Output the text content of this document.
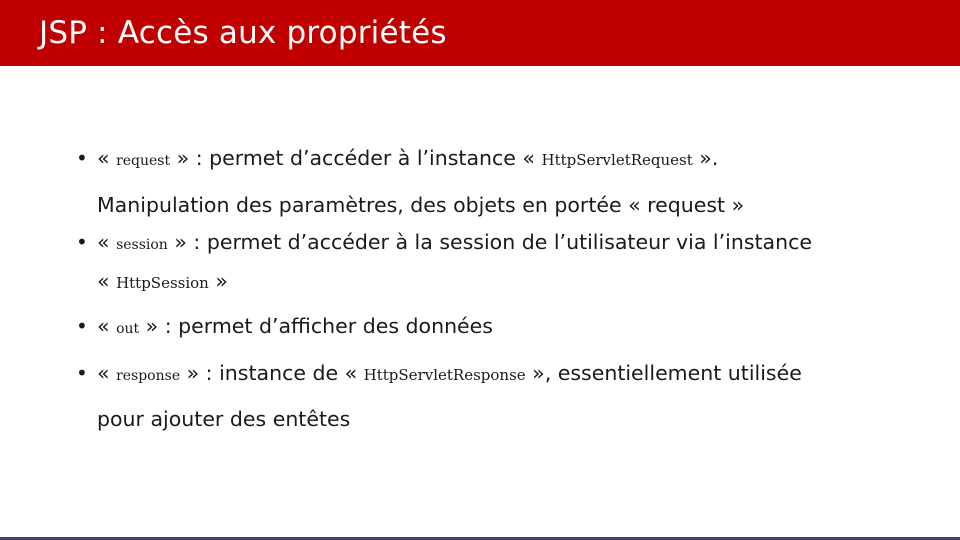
JSP : Accès aux propriétés
• « request » : permet d’accéder à l’instance « HttpServletRequest ».
Manipulation des paramètres, des objets en portée « request »
• « session » : permet d’accéder à la session de l’utilisateur via l’instance
« HttpSession »
• « out » : permet d’afficher des données
• « response » : instance de « HttpServletResponse », essentiellement utilisée
pour ajouter des entêtes
